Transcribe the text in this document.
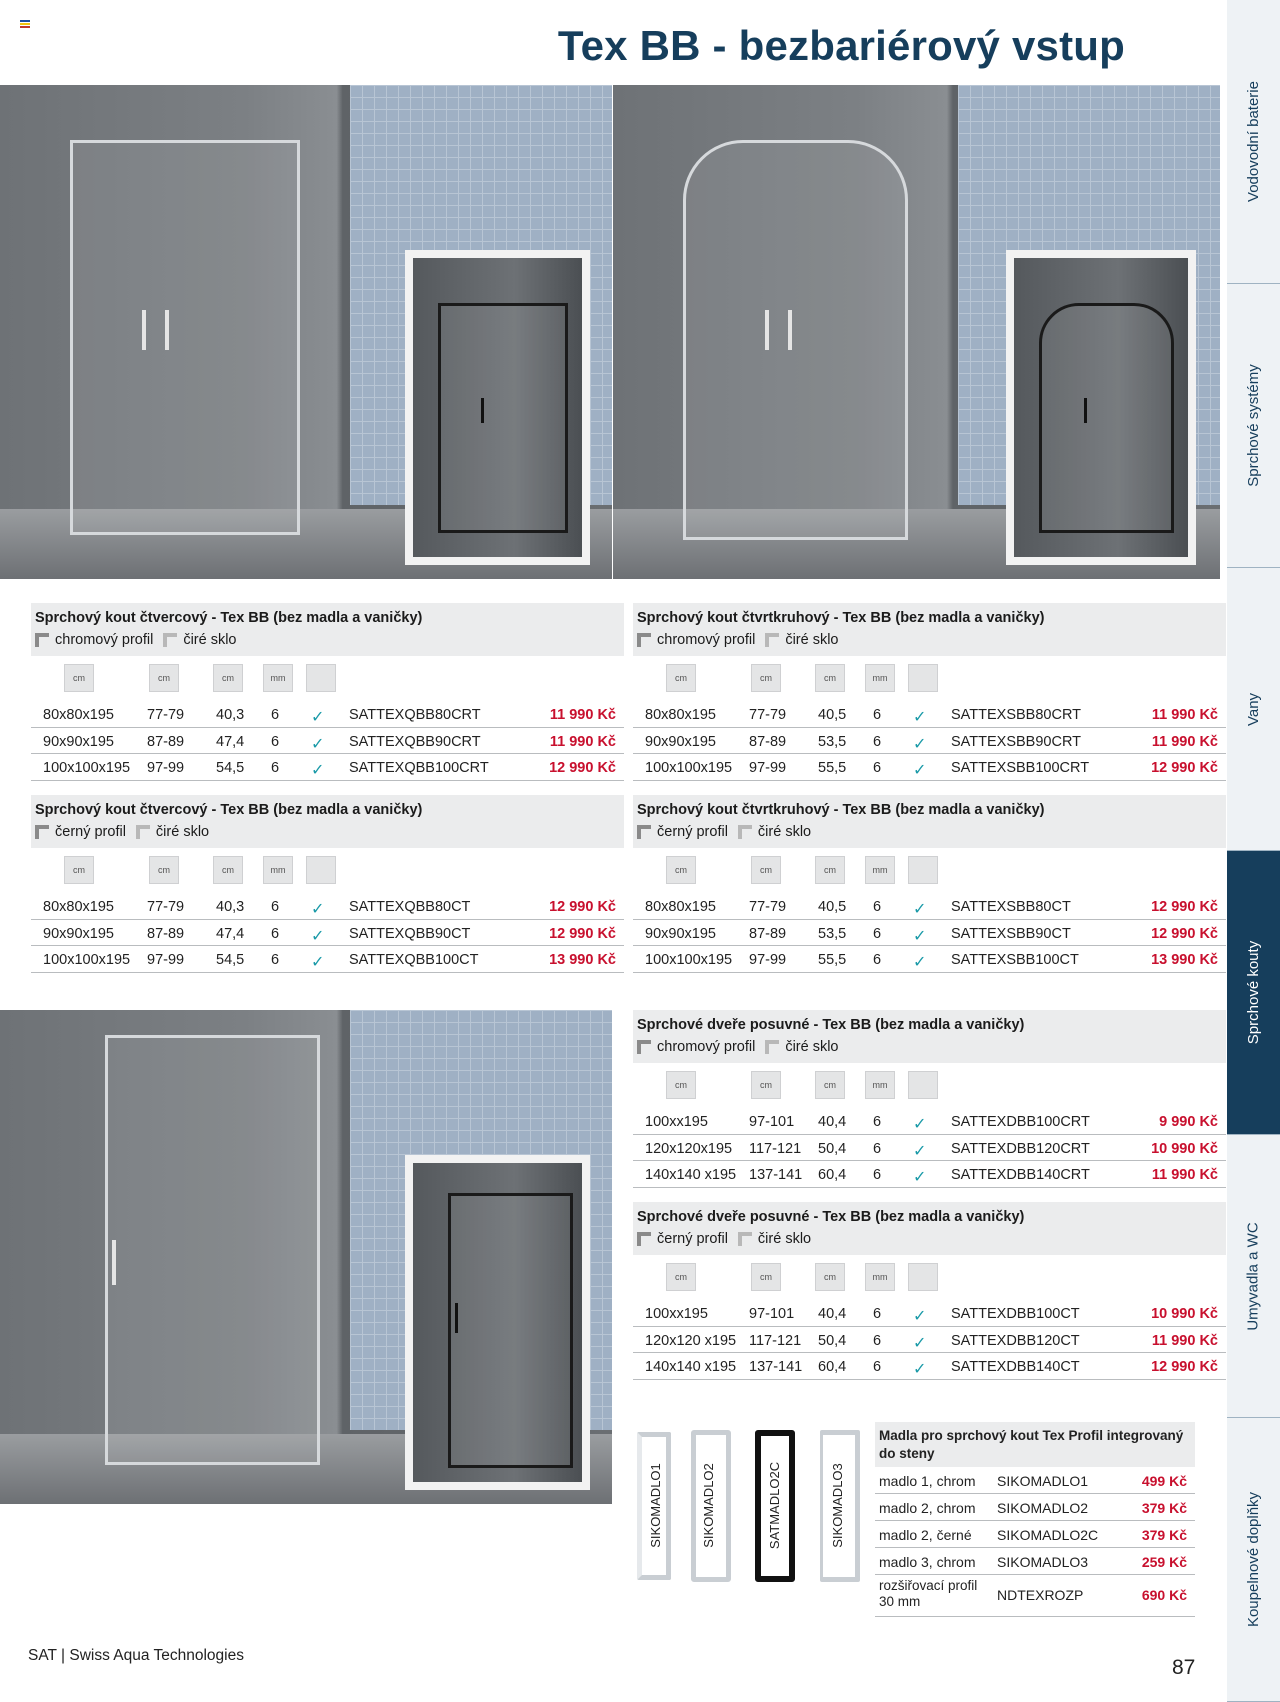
Tex BB - bezbariérový vstup
Vodovodní baterie
Sprchové systémy
Vany
Sprchové kouty
Umyvadla a WC
Koupelnové doplňky
Sprchový kout čtvercový - Tex BB (bez madla a vaničky)
chromový profil čiré sklo
cm	cm	cm	mm
80x80x195 77-79 40,3 6 ✓ SATTEXQBB80CRT	11 990 Kč
90x90x195 87-89 47,4 6 ✓ SATTEXQBB90CRT	11 990 Kč
100x100x195 97-99 54,5 6 ✓ SATTEXQBB100CRT	12 990 Kč
Sprchový kout čtvrtkruhový - Tex BB (bez madla a vaničky)
chromový profil čiré sklo
cm	cm	cm	mm
80x80x195 77-79 40,5 6 ✓ SATTEXSBB80CRT	11 990 Kč
90x90x195 87-89 53,5 6 ✓ SATTEXSBB90CRT	11 990 Kč
100x100x195 97-99 55,5 6 ✓ SATTEXSBB100CRT	12 990 Kč
Sprchový kout čtvercový - Tex BB (bez madla a vaničky)
černý profil čiré sklo
cm	cm	cm	mm
80x80x195 77-79 40,3 6 ✓ SATTEXQBB80CT	12 990 Kč
90x90x195 87-89 47,4 6 ✓ SATTEXQBB90CT	12 990 Kč
100x100x195 97-99 54,5 6 ✓ SATTEXQBB100CT	13 990 Kč
Sprchový kout čtvrtkruhový - Tex BB (bez madla a vaničky)
černý profil čiré sklo
cm	cm	cm	mm
80x80x195 77-79 40,5 6 ✓ SATTEXSBB80CT	12 990 Kč
90x90x195 87-89 53,5 6 ✓ SATTEXSBB90CT	12 990 Kč
100x100x195 97-99 55,5 6 ✓ SATTEXSBB100CT	13 990 Kč
Sprchové dveře posuvné - Tex BB (bez madla a vaničky)
chromový profil čiré sklo
cm	cm	cm	mm
100xx195	97-101 40,4 6 ✓ SATTEXDBB100CRT	9 990 Kč
120x120x195 117-121 50,4 6 ✓ SATTEXDBB120CRT	10 990 Kč
140x140 x195 137-141 60,4 6 ✓ SATTEXDBB140CRT	11 990 Kč
Sprchové dveře posuvné - Tex BB (bez madla a vaničky)
černý profil čiré sklo
cm	cm	cm	mm
100xx195	97-101 40,4 6 ✓ SATTEXDBB100CT	10 990 Kč
120x120 x195 117-121 50,4 6 ✓ SATTEXDBB120CT	11 990 Kč
140x140 x195 137-141 60,4 6 ✓ SATTEXDBB140CT	12 990 Kč
SIKOMADLO1	SIKOMADLO2	SATMADLO2C	SIKOMADLO3
Madla pro sprchový kout Tex Profil integrovaný do steny
madlo 1, chrom SIKOMADLO1	499 Kč
madlo 2, chrom SIKOMADLO2	379 Kč
madlo 2, černé SIKOMADLO2C	379 Kč
madlo 3, chrom SIKOMADLO3	259 Kč
rozšiřovací profil 30 mm	NDTEXROZP	690 Kč
SAT | Swiss Aqua Technologies
87
